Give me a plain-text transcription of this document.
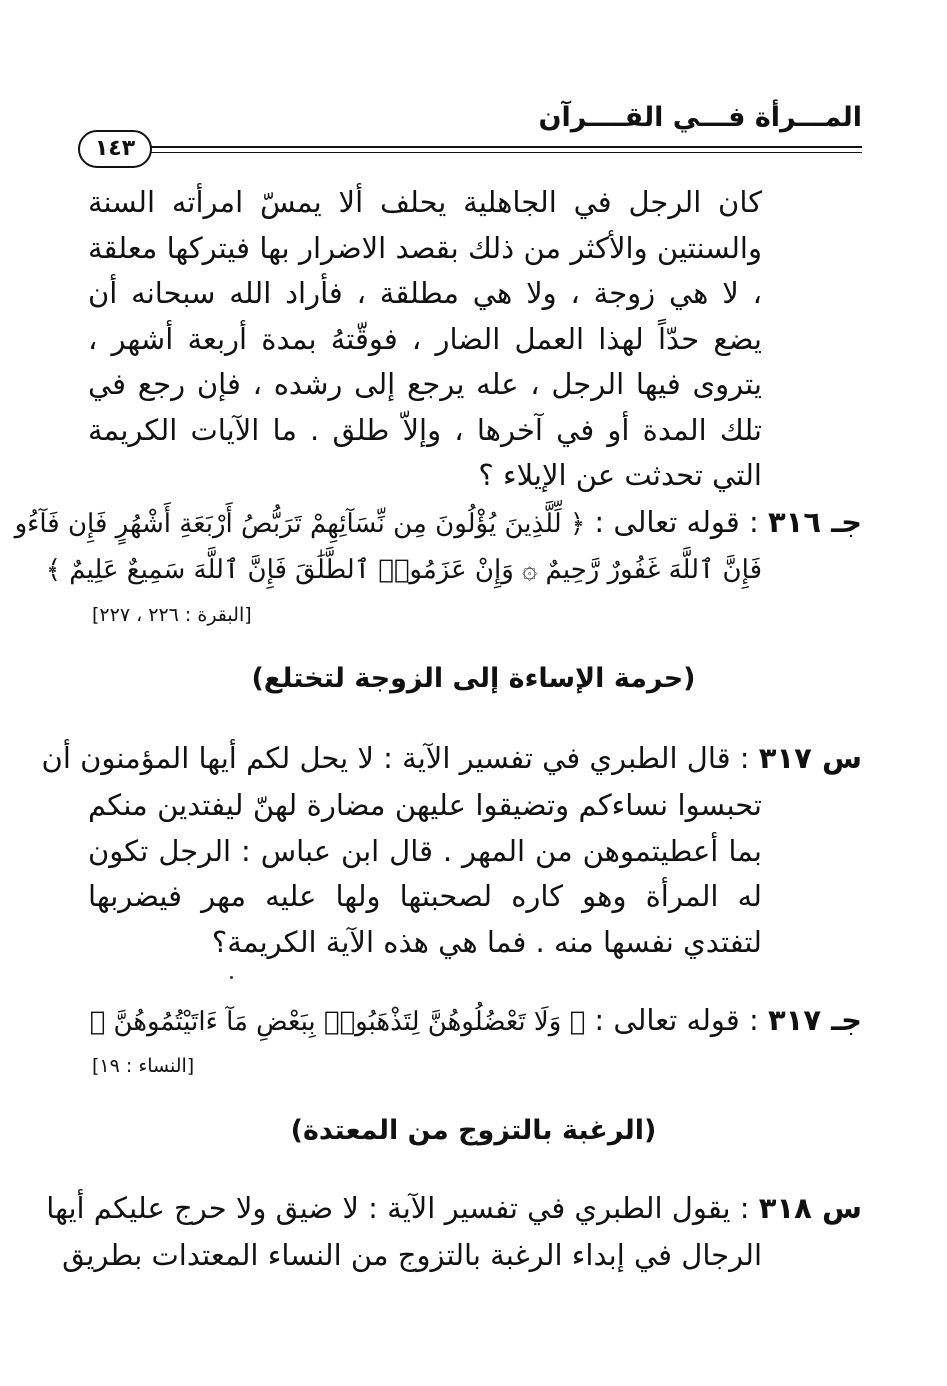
المـــرأة فـــي القــــرآن
١٤٣

كان الرجل في الجاهلية يحلف ألا يمسّ امرأته السنة والسنتين والأكثر من ذلك بقصد الاضرار بها فيتركها معلقة ، لا هي زوجة ، ولا هي مطلقة ، فأراد الله سبحانه أن يضع حدّاً لهذا العمل الضار ، فوقّتهُ بمدة أربعة أشهر ، يتروى فيها الرجل ، عله يرجع إلى رشده ، فإن رجع في تلك المدة أو في آخرها ، وإلاّ طلق . ما الآيات الكريمة التي تحدثت عن الإيلاء ؟

جـ ٣١٦ : قوله تعالى : ﴿ لِّلَّذِينَ يُؤْلُونَ مِن نِّسَآئِهِمْ تَرَبُّصُ أَرْبَعَةِ أَشْهُرٍ فَإِن فَآءُو
فَإِنَّ ٱللَّهَ غَفُورٌ رَّحِيمٌ ۞ وَإِنْ عَزَمُوا۟ ٱلطَّلَٰقَ فَإِنَّ ٱللَّهَ سَمِيعٌ عَلِيمٌ ﴾
[البقرة : ٢٢٦ ، ٢٢٧]
(حرمة الإساءة إلى الزوجة لتختلع)
س ٣١٧ : قال الطبري في تفسير الآية : لا يحل لكم أيها المؤمنون أن

تحبسوا نساءكم وتضيقوا عليهن مضارة لهنّ ليفتدين منكم بما أعطيتموهن من المهر . قال ابن عباس : الرجل تكون له المرأة وهو كاره لصحبتها ولها عليه مهر فيضربها لتفتدي نفسها منه . فما هي هذه الآية الكريمة؟

جـ ٣١٧ : قوله تعالى : ﴿ وَلَا تَعْضُلُوهُنَّ لِتَذْهَبُوا۟ بِبَعْضِ مَآ ءَاتَيْتُمُوهُنَّ ﴾
[النساء : ١٩]
(الرغبة بالتزوج من المعتدة)
س ٣١٨ : يقول الطبري في تفسير الآية : لا ضيق ولا حرج عليكم أيها
الرجال في إبداء الرغبة بالتزوج من النساء المعتدات بطريق
